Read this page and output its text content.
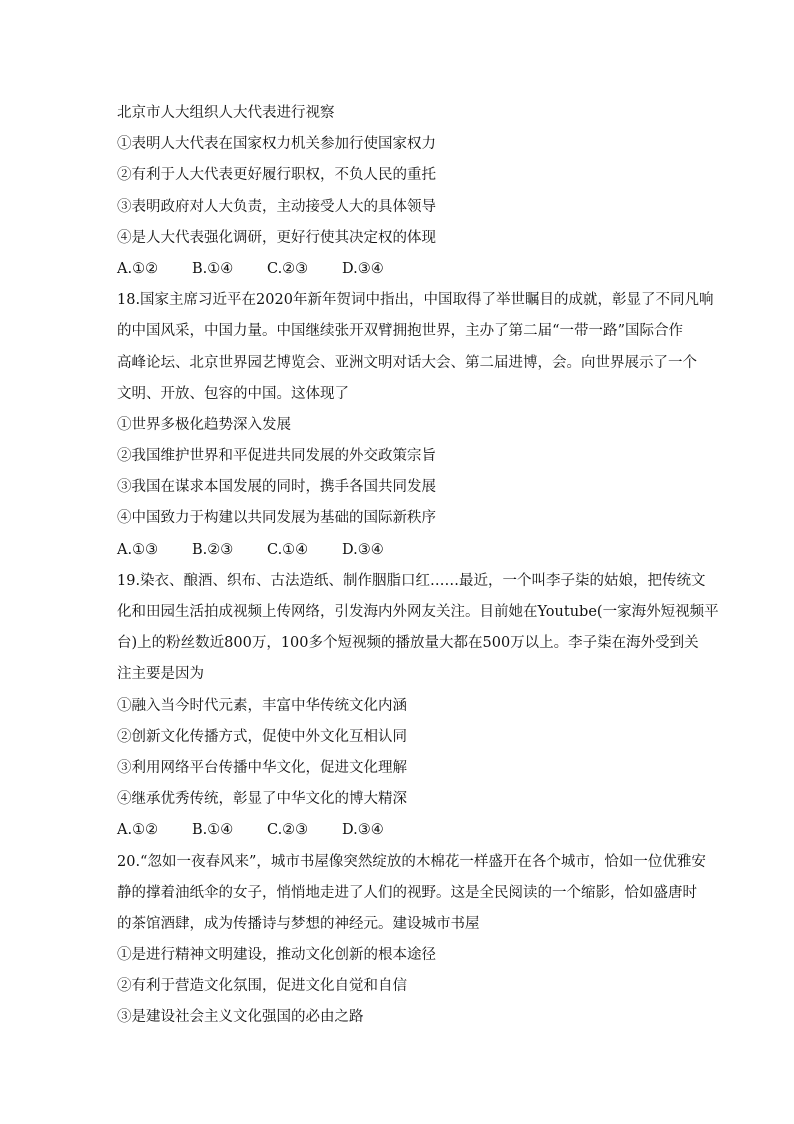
北京市人大组织人大代表进行视察
①表明人大代表在国家权力机关参加行使国家权力
②有利于人大代表更好履行职权，不负人民的重托
③表明政府对人大负责，主动接受人大的具体领导
④是人大代表强化调研，更好行使其决定权的体现
A.①②	B.①④	C.②③	D.③④
18.国家主席习近平在2020年新年贺词中指出，中国取得了举世瞩目的成就，彰显了不同凡响
的中国风采，中国力量。中国继续张开双臂拥抱世界，主办了第二届“一带一路”国际合作
高峰论坛、北京世界园艺博览会、亚洲文明对话大会、第二届进博，会。向世界展示了一个
文明、开放、包容的中国。这体现了
①世界多极化趋势深入发展
②我国维护世界和平促进共同发展的外交政策宗旨
③我国在谋求本国发展的同时，携手各国共同发展
④中国致力于构建以共同发展为基础的国际新秩序
A.①③	B.②③	C.①④	D.③④
19.染衣、酿酒、织布、古法造纸、制作胭脂口红……最近，一个叫李子柒的姑娘，把传统文
化和田园生活拍成视频上传网络，引发海内外网友关注。目前她在Youtube(一家海外短视频平
台)上的粉丝数近800万，100多个短视频的播放量大都在500万以上。李子柒在海外受到关
注主要是因为
①融入当今时代元素，丰富中华传统文化内涵
②创新文化传播方式，促使中外文化互相认同
③利用网络平台传播中华文化，促进文化理解
④继承优秀传统，彰显了中华文化的博大精深
A.①②	B.①④	C.②③	D.③④
20.“忽如一夜春风来”，城市书屋像突然绽放的木棉花一样盛开在各个城市，恰如一位优雅安
静的撑着油纸伞的女子，悄悄地走进了人们的视野。这是全民阅读的一个缩影，恰如盛唐时
的茶馆酒肆，成为传播诗与梦想的神经元。建设城市书屋
①是进行精神文明建设，推动文化创新的根本途径
②有利于营造文化氛围，促进文化自觉和自信
③是建设社会主义文化强国的必由之路
